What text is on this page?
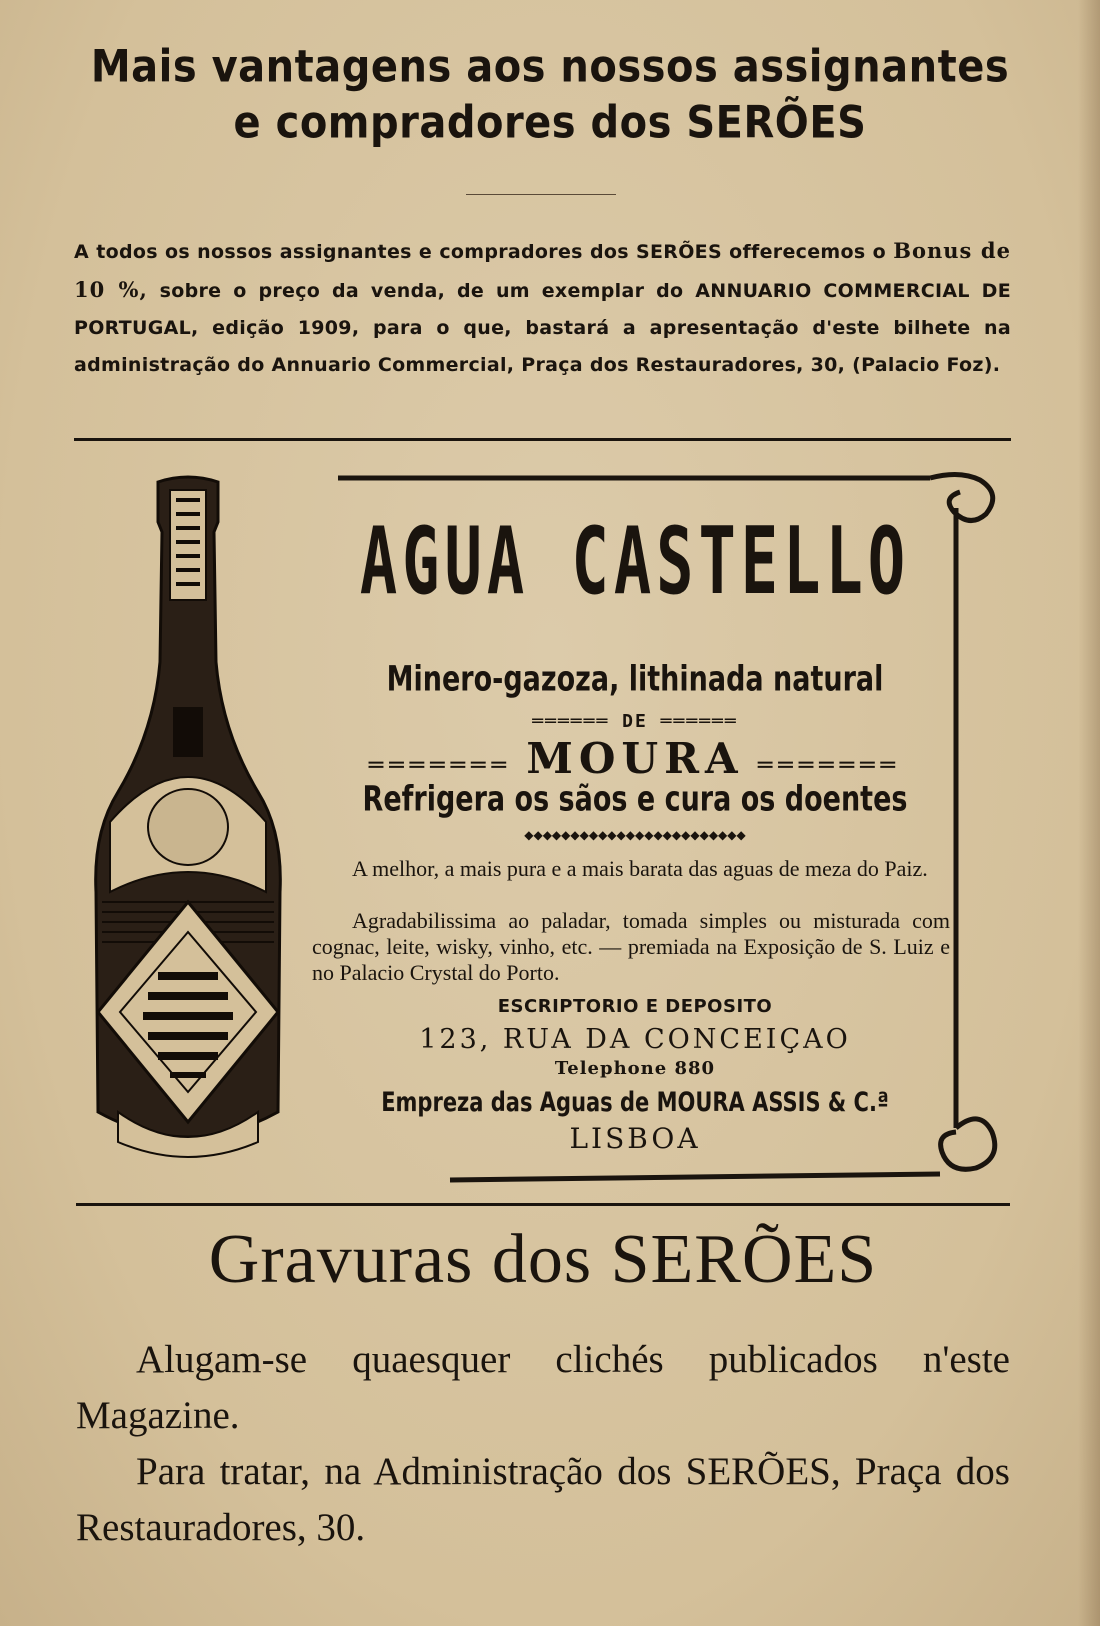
Mais vantagens aos nossos assignantes
e compradores dos SERÕES
A todos os nossos assignantes e compradores dos SERÕES offerecemos o Bonus de 10 %, sobre o preço da venda, de um exemplar do ANNUARIO COMMERCIAL DE PORTUGAL, edição 1909, para o que, bastará a apresentação d'este bilhete na administração do Annuario Commercial, Praça dos Restauradores, 30, (Palacio Foz).
AGUA CASTELLO
Minero-gazoza, lithinada natural
══════ DE ══════
═══════ MOURA ═══════
Refrigera os sãos e cura os doentes
◆◆◆◆◆◆◆◆◆◆◆◆◆◆◆◆◆◆◆◆◆◆◆◆
A melhor, a mais pura e a mais barata das aguas de meza do Paiz.
Agradabilissima ao paladar, tomada simples ou misturada com cognac, leite, wisky, vinho, etc. — premiada na Exposição de S. Luiz e no Palacio Crystal do Porto.
ESCRIPTORIO E DEPOSITO
123, RUA DA CONCEIÇAO
Telephone 880
Empreza das Aguas de MOURA ASSIS & C.ª
LISBOA
Gravuras dos SERÕES
Alugam-se quaesquer clichés publicados n'este Magazine.
Para tratar, na Administração dos SERÕES, Praça dos Restauradores, 30.
